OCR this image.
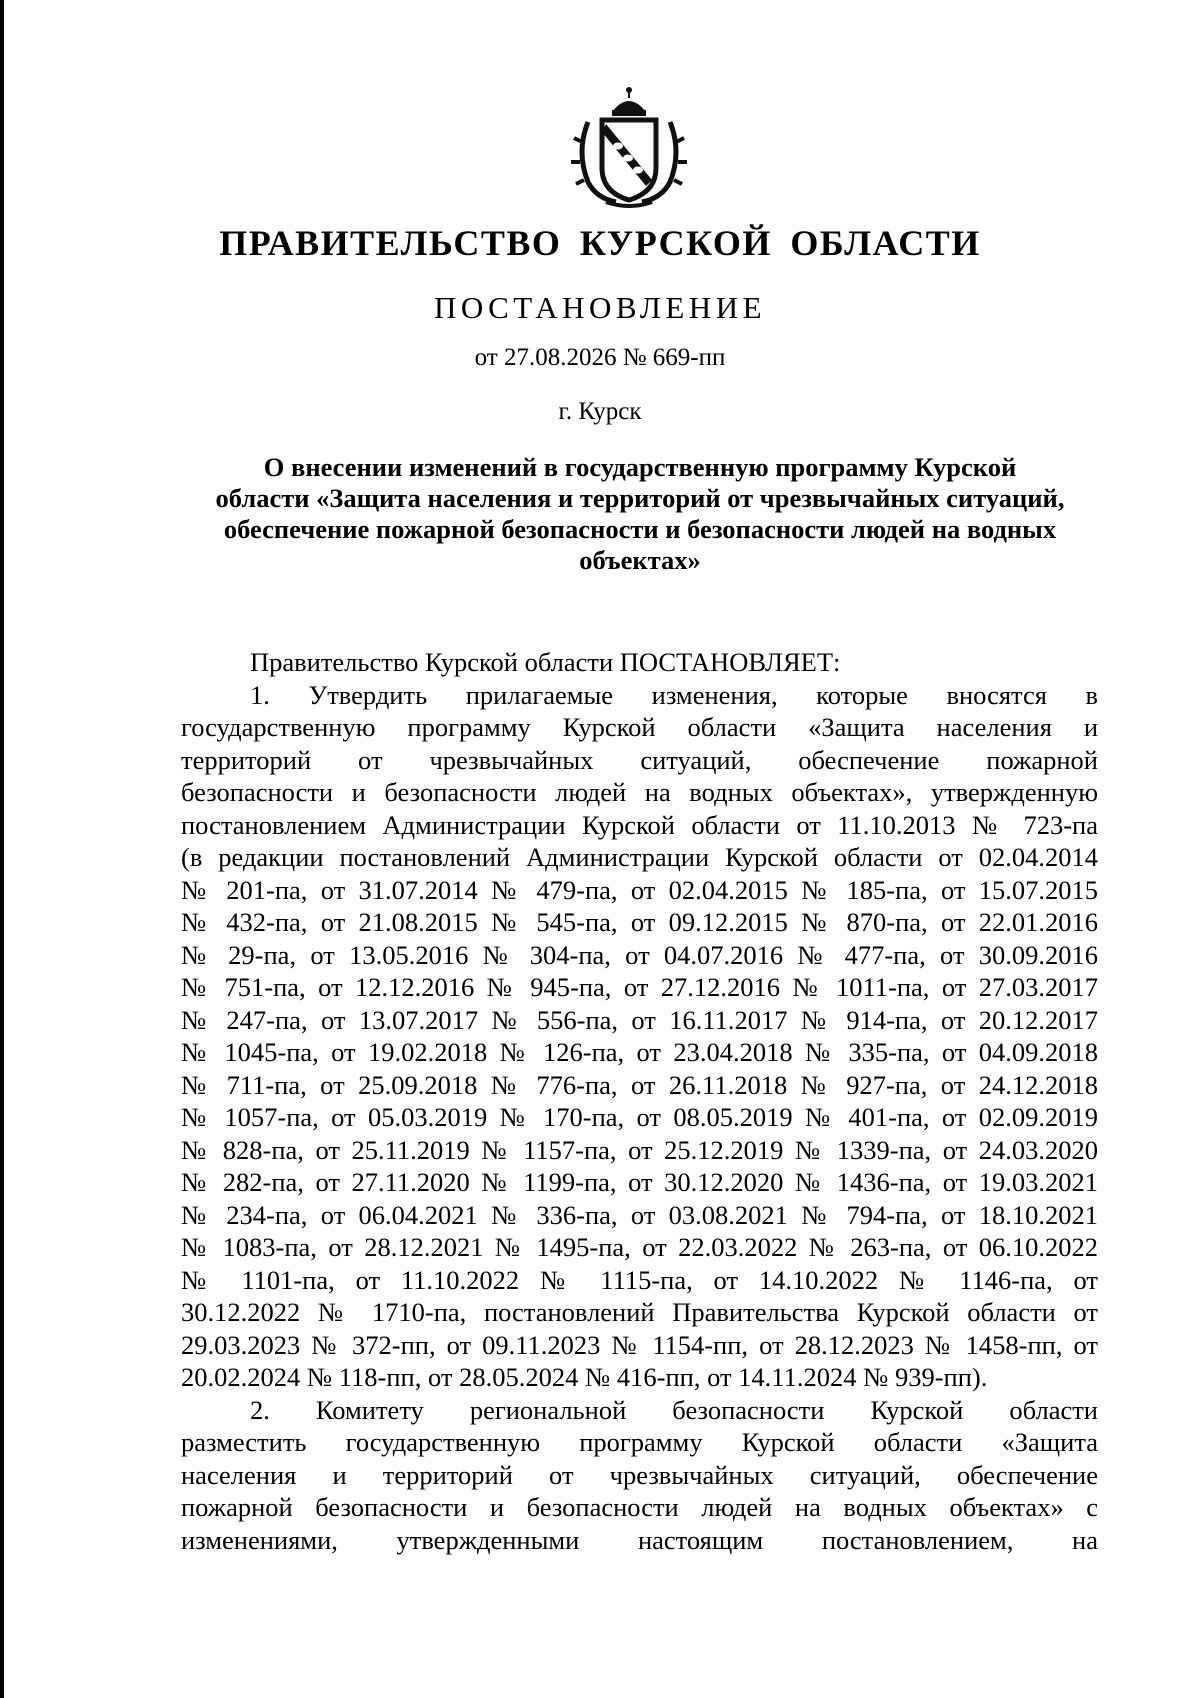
ПРАВИТЕЛЬСТВО КУРСКОЙ ОБЛАСТИ
ПОСТАНОВЛЕНИЕ
от 27.08.2026 № 669-пп
г. Курск
О внесении изменений в государственную программу Курской
области «Защита населения и территорий от чрезвычайных ситуаций,
обеспечение пожарной безопасности и безопасности людей на водных
объектах»
Правительство Курской области ПОСТАНОВЛЯЕТ:
1. Утвердить прилагаемые изменения, которые вносятся в
государственную программу Курской области «Защита населения и
территорий от чрезвычайных ситуаций, обеспечение пожарной
безопасности и безопасности людей на водных объектах», утвержденную
постановлением Администрации Курской области от 11.10.2013 № 723-па
(в редакции постановлений Администрации Курской области от 02.04.2014
№ 201-па, от 31.07.2014 № 479-па, от 02.04.2015 № 185-па, от 15.07.2015
№ 432-па, от 21.08.2015 № 545-па, от 09.12.2015 № 870-па, от 22.01.2016
№ 29-па, от 13.05.2016 № 304-па, от 04.07.2016 № 477-па, от 30.09.2016
№ 751-па, от 12.12.2016 № 945-па, от 27.12.2016 № 1011-па, от 27.03.2017
№ 247-па, от 13.07.2017 № 556-па, от 16.11.2017 № 914-па, от 20.12.2017
№ 1045-па, от 19.02.2018 № 126-па, от 23.04.2018 № 335-па, от 04.09.2018
№ 711-па, от 25.09.2018 № 776-па, от 26.11.2018 № 927-па, от 24.12.2018
№ 1057-па, от 05.03.2019 № 170-па, от 08.05.2019 № 401-па, от 02.09.2019
№ 828-па, от 25.11.2019 № 1157-па, от 25.12.2019 № 1339-па, от 24.03.2020
№ 282-па, от 27.11.2020 № 1199-па, от 30.12.2020 № 1436-па, от 19.03.2021
№ 234-па, от 06.04.2021 № 336-па, от 03.08.2021 № 794-па, от 18.10.2021
№ 1083-па, от 28.12.2021 № 1495-па, от 22.03.2022 № 263-па, от 06.10.2022
№ 1101-па, от 11.10.2022 № 1115-па, от 14.10.2022 № 1146-па, от
30.12.2022 № 1710-па, постановлений Правительства Курской области от
29.03.2023 № 372-пп, от 09.11.2023 № 1154-пп, от 28.12.2023 № 1458-пп, от
20.02.2024 № 118-пп, от 28.05.2024 № 416-пп, от 14.11.2024 № 939-пп).
2. Комитету региональной безопасности Курской области
разместить государственную программу Курской области «Защита
населения и территорий от чрезвычайных ситуаций, обеспечение
пожарной безопасности и безопасности людей на водных объектах» с
изменениями, утвержденными настоящим постановлением, на
